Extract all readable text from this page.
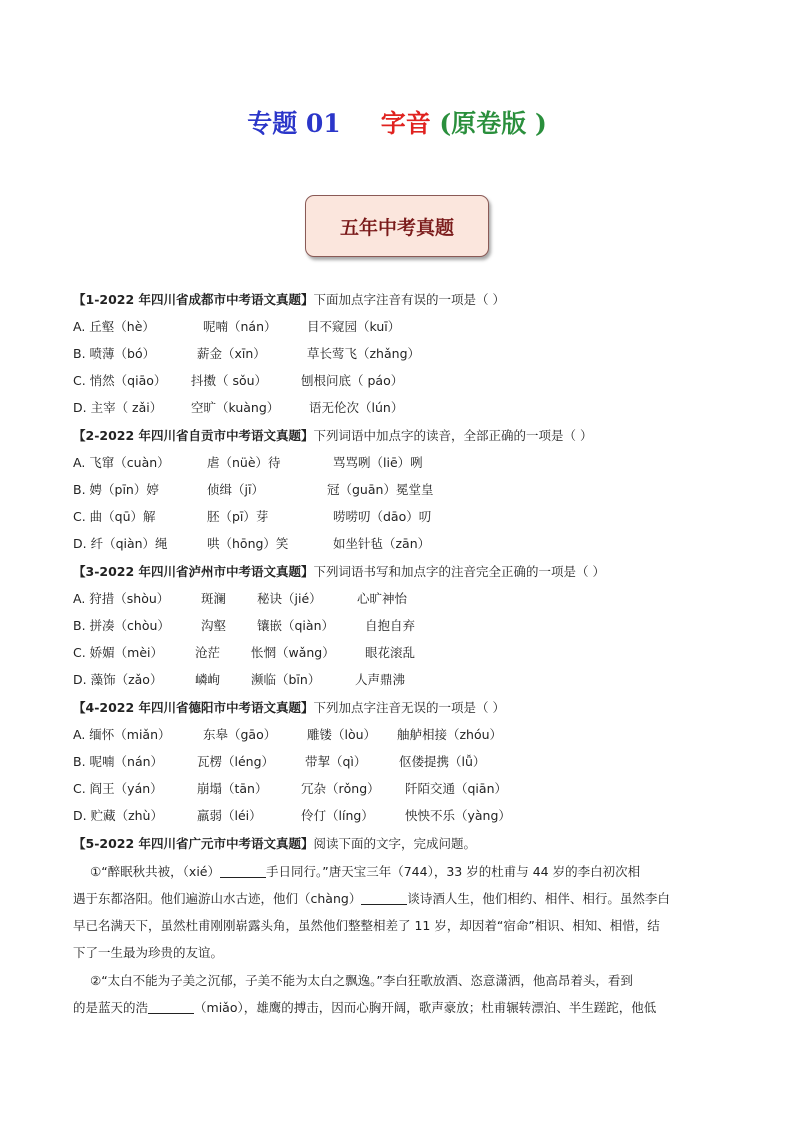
专题 01 字音 (原卷版 )
五年中考真题
【1-2022 年四川省成都市中考语文真题】下面加点字注音有误的一项是（ ）
A. 丘壑（hè）	呢喃（nán） 目不窥园（kuī）
B. 喷薄（bó）	薪金（xīn）	草长莺飞（zhǎng）
C. 悄然（qiāo） 抖擞（ sǒu）	刨根问底（ páo）
D. 主宰（ zǎi） 空旷（kuàng） 语无伦次（lún）
【2-2022 年四川省自贡市中考语文真题】下列词语中加点字的读音，全部正确的一项是（ ）
A. 飞窜（cuàn）	虐（nüè）待	骂骂咧（liē）咧
B. 娉（pīn）婷	侦缉（jī）	冠（guān）冕堂皇
C. 曲（qū）解	胚（pī）芽	唠唠叨（dāo）叨
D. 纤（qiàn）绳	哄（hōng）笑	如坐针毡（zān）
【3-2022 年四川省泸州市中考语文真题】下列词语书写和加点字的注音完全正确的一项是（ ）
A. 狩措（shòu）	斑澜 秘诀（jié）	心旷神怡
B. 拼凑（chòu） 沟壑 镶嵌（qiàn） 自抱自弃
C. 娇媚（mèi）	沧茫 怅惘（wǎng） 眼花滚乱
D. 藻饰（zǎo）	嶙峋 濒临（bīn）	人声鼎沸
【4-2022 年四川省德阳市中考语文真题】下列加点字注音无误的一项是（ ）
A. 缅怀（miǎn）	东皋（gāo） 雕镂（lòu） 舳舻相接（zhóu）
B. 呢喃（nán）	瓦楞（léng） 带挈（qì）	伛偻提携（lǚ）
C. 阎王（yán）	崩塌（tān）	冗杂（rǒng） 阡陌交通（qiān）
D. 贮藏（zhù）	羸弱（léi）	伶仃（líng） 怏怏不乐（yàng）
【5-2022 年四川省广元市中考语文真题】阅读下面的文字，完成问题。
①“醉眠秋共被，（xié）	手日同行。”唐天宝三年（744），33 岁的杜甫与 44 岁的李白初次相
遇于东都洛阳。他们遍游山水古迹，他们（chàng）	谈诗酒人生，他们相约、相伴、相行。虽然李白
早已名满天下，虽然杜甫刚刚崭露头角，虽然他们整整相差了 11 岁，却因着“宿命”相识、相知、相惜，结
下了一生最为珍贵的友谊。
②“太白不能为子美之沉郁，子美不能为太白之飘逸。”李白狂歌放酒、恣意潇洒，他高昂着头，看到
的是蓝天的浩	（miǎo），雄鹰的搏击，因而心胸开阔，歌声豪放；杜甫辗转漂泊、半生蹉跎，他低
